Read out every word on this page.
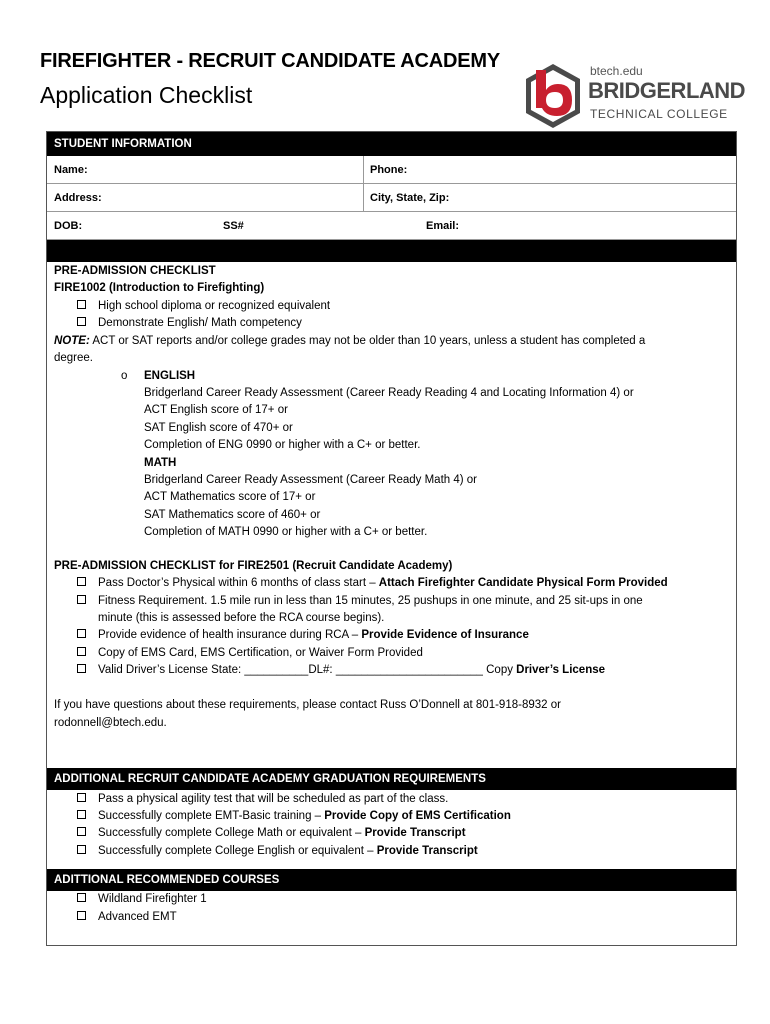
FIREFIGHTER - RECRUIT CANDIDATE ACADEMY
Application Checklist
btech.edu
BRIDGERLAND
TECHNICAL COLLEGE
STUDENT INFORMATION
Name:	Phone:
Address:	City, State, Zip:
DOB:	SS#	Email:
PRE-ADMISSION CHECKLIST
FIRE1002 (Introduction to Firefighting)
High school diploma or recognized equivalent
Demonstrate English/ Math competency
NOTE: ACT or SAT reports and/or college grades may not be older than 10 years, unless a student has completed a
degree.
o ENGLISH
Bridgerland Career Ready Assessment (Career Ready Reading 4 and Locating Information 4) or
ACT English score of 17+ or
SAT English score of 470+ or
Completion of ENG 0990 or higher with a C+ or better.
MATH
Bridgerland Career Ready Assessment (Career Ready Math 4) or
ACT Mathematics score of 17+ or
SAT Mathematics score of 460+ or
Completion of MATH 0990 or higher with a C+ or better.
PRE-ADMISSION CHECKLIST for FIRE2501 (Recruit Candidate Academy)
Pass Doctor’s Physical within 6 months of class start – Attach Firefighter Candidate Physical Form Provided
Fitness Requirement. 1.5 mile run in less than 15 minutes, 25 pushups in one minute, and 25 sit-ups in one
minute (this is assessed before the RCA course begins).
Provide evidence of health insurance during RCA – Provide Evidence of Insurance
Copy of EMS Card, EMS Certification, or Waiver Form Provided
Valid Driver’s License State: __________DL#: _______________________ Copy Driver’s License
If you have questions about these requirements, please contact Russ O’Donnell at 801-918-8932 or
rodonnell@btech.edu.
ADDITIONAL RECRUIT CANDIDATE ACADEMY GRADUATION REQUIREMENTS
Pass a physical agility test that will be scheduled as part of the class.
Successfully complete EMT-Basic training – Provide Copy of EMS Certification
Successfully complete College Math or equivalent – Provide Transcript
Successfully complete College English or equivalent – Provide Transcript
ADITTIONAL RECOMMENDED COURSES
Wildland Firefighter 1
Advanced EMT
